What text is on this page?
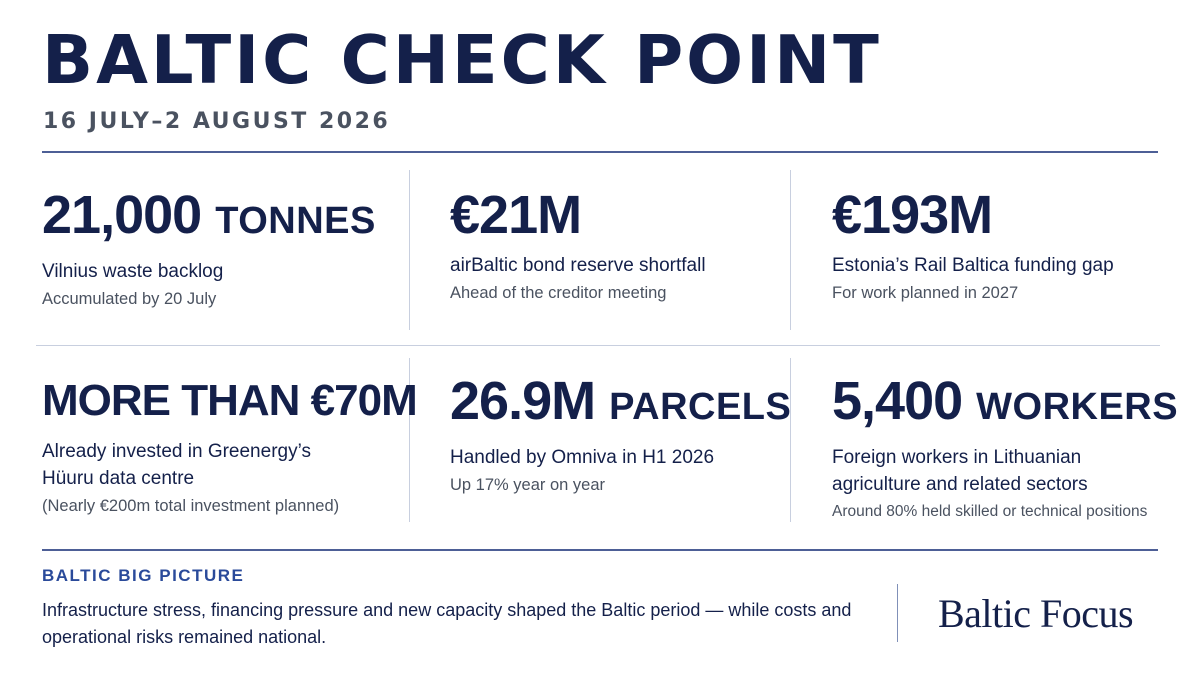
BALTIC CHECK POINT
16 JULY–2 AUGUST 2026
21,000 TONNES
Vilnius waste backlog
Accumulated by 20 July
€21M
airBaltic bond reserve shortfall
Ahead of the creditor meeting
€193M
Estonia’s Rail Baltica funding gap
For work planned in 2027
MORE THAN €70M
Already invested in Greenergy’s Hüuru data centre
(Nearly €200m total investment planned)
26.9M PARCELS
Handled by Omniva in H1 2026
Up 17% year on year
5,400 WORKERS
Foreign workers in Lithuanian agriculture and related sectors
Around 80% held skilled or technical positions
BALTIC BIG PICTURE

Infrastructure stress, financing pressure and new capacity shaped the Baltic period — while costs and operational risks remained national.

Baltic Focus
